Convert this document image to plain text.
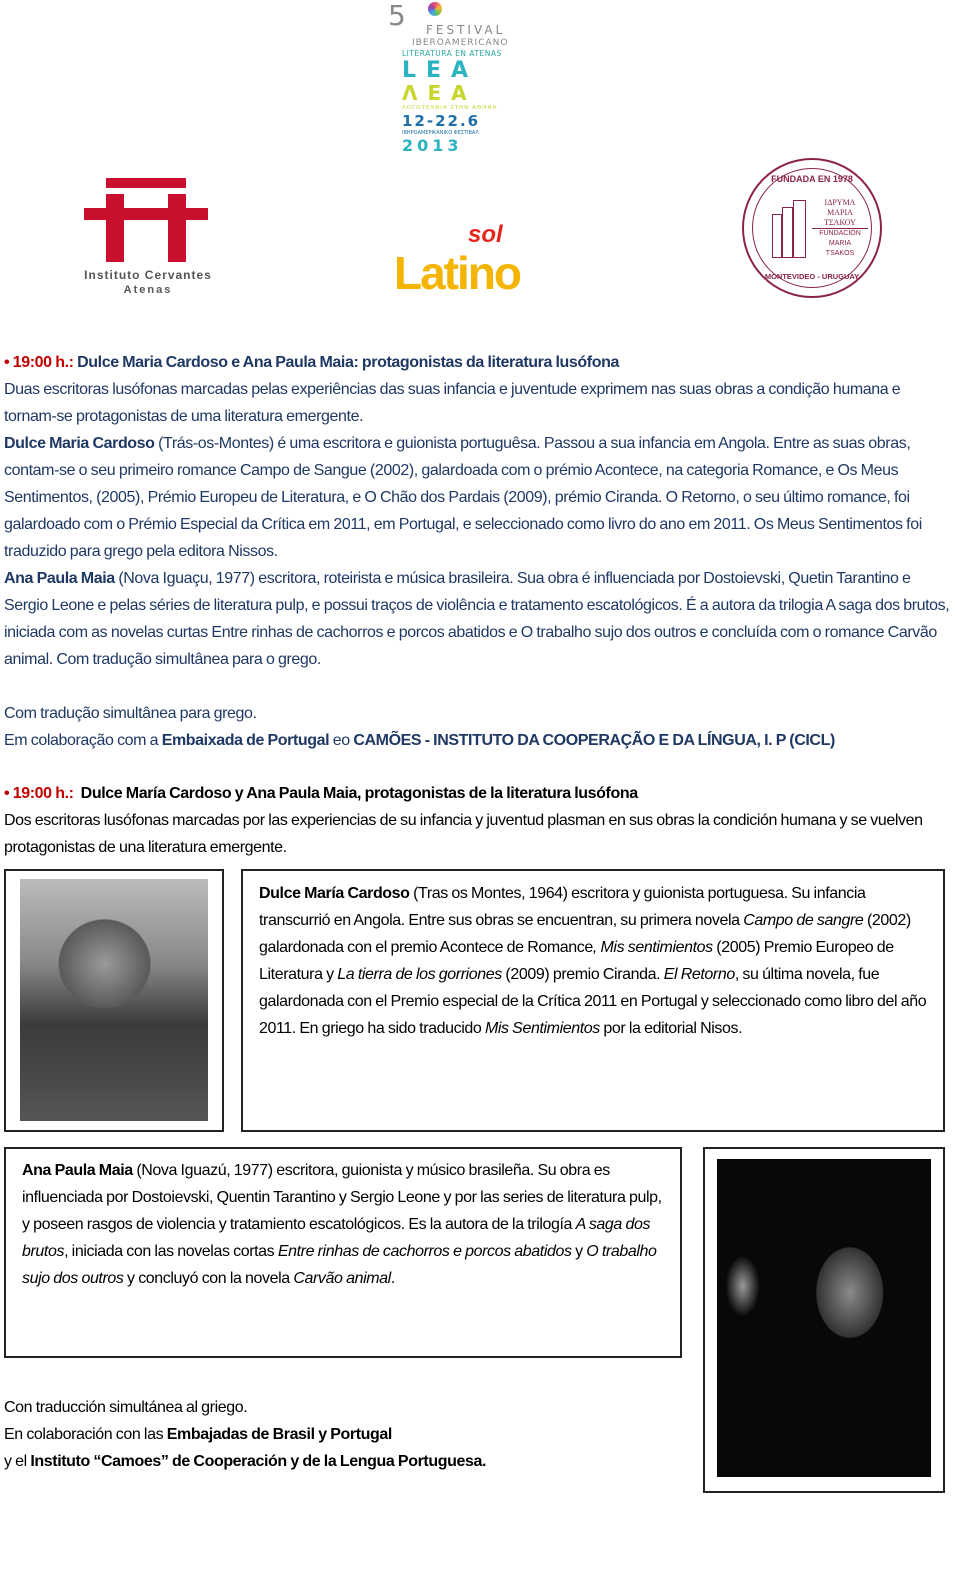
5 FESTIVAL
IBEROAMERICANO
LITERATURA EN ATENAS
LEA
ΛΕΑ
ΛΟΓΟΤΕΧΝΙΑ ΣΤΗΝ ΑΘΗΝΑ
12-22.6
ΙΒΗΡΟΑΜΕΡΙΚΑΝΙΚΟ ΦΕΣΤΙΒΑΛ
2013
Instituto Cervantes
Atenas
sol
Latino
FUNDADA EN 1978
ΙΔΡΥΜΑ
ΜΑΡΙΑ
ΤΣΑΚΟΥ
FUNDACIÓN
MARIA
TSAKOS
MONTEVIDEO - URUGUAY
• 19:00 h.: Dulce Maria Cardoso e Ana Paula Maia: protagonistas da literatura lusófona
Duas escritoras lusófonas marcadas pelas experiências das suas infancia e juventude exprimem nas suas obras a condição humana e tornam-se protagonistas de uma literatura emergente.
Dulce Maria Cardoso (Trás-os-Montes) é uma escritora e guionista portuguêsa. Passou a sua infancia em Angola. Entre as suas obras, contam-se o seu primeiro romance Campo de Sangue (2002), galardoada com o prémio Acontece, na categoria Romance, e Os Meus Sentimentos, (2005), Prémio Europeu de Literatura, e O Chão dos Pardais (2009), prémio Ciranda. O Retorno, o seu último romance, foi galardoado com o Prémio Especial da Crítica em 2011, em Portugal, e seleccionado como livro do ano em 2011. Os Meus Sentimentos foi traduzido para grego pela editora Nissos.
Ana Paula Maia (Nova Iguaçu, 1977) escritora, roteirista e música brasileira. Sua obra é influenciada por Dostoievski, Quetin Tarantino e Sergio Leone e pelas séries de literatura pulp, e possui traços de violência e tratamento escatológicos. É a autora da trilogia A saga dos brutos, iniciada com as novelas curtas Entre rinhas de cachorros e porcos abatidos e O trabalho sujo dos outros e concluída com o romance Carvão animal. Com tradução simultânea para o grego.
Com tradução simultânea para grego.
Em colaboração com a Embaixada de Portugal eo CAMÕES - INSTITUTO DA COOPERAÇÃO E DA LÍNGUA, I. P (CICL)
• 19:00 h.: Dulce María Cardoso y Ana Paula Maia, protagonistas de la literatura lusófona
Dos escritoras lusófonas marcadas por las experiencias de su infancia y juventud plasman en sus obras la condición humana y se vuelven protagonistas de una literatura emergente.
Dulce María Cardoso (Tras os Montes, 1964) escritora y guionista portuguesa. Su infancia transcurrió en Angola. Entre sus obras se encuentran, su primera novela Campo de sangre (2002) galardonada con el premio Acontece de Romance, Mis sentimientos (2005) Premio Europeo de Literatura y La tierra de los gorriones (2009) premio Ciranda. El Retorno, su última novela, fue galardonada con el Premio especial de la Crítica 2011 en Portugal y seleccionado como libro del año 2011. En griego ha sido traducido Mis Sentimientos por la editorial Nisos.
Ana Paula Maia (Nova Iguazú, 1977) escritora, guionista y músico brasileña. Su obra es influenciada por Dostoievski, Quentin Tarantino y Sergio Leone y por las series de literatura pulp, y poseen rasgos de violencia y tratamiento escatológicos. Es la autora de la trilogía A saga dos brutos, iniciada con las novelas cortas Entre rinhas de cachorros e porcos abatidos y O trabalho sujo dos outros y concluyó con la novela Carvão animal.
Con traducción simultánea al griego.
En colaboración con las Embajadas de Brasil y Portugal
y el Instituto “Camoes” de Cooperación y de la Lengua Portuguesa.
